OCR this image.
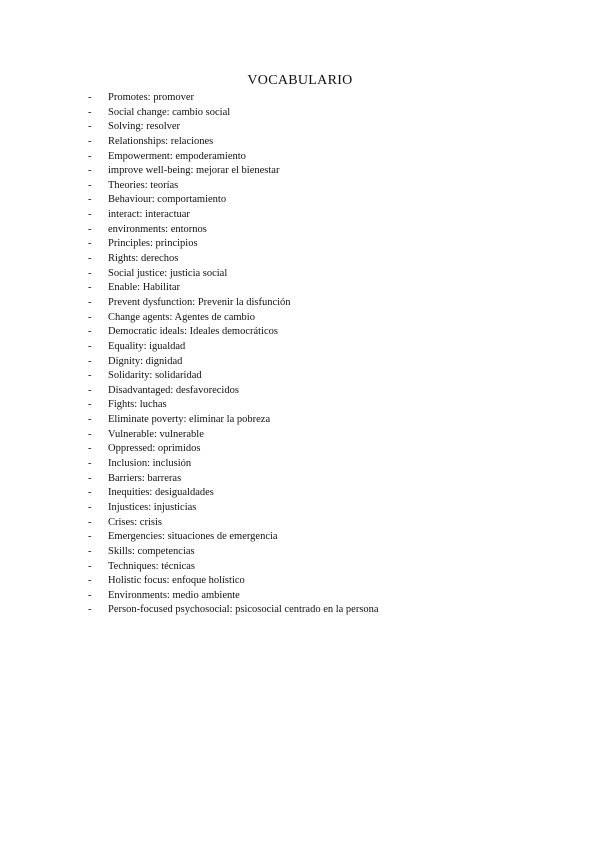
VOCABULARIO
-	Promotes: promover
-	Social change: cambio social
-	Solving: resolver
-	Relationships: relaciones
-	Empowerment: empoderamiento
-	improve well-being: mejorar el bienestar
-	Theories: teorías
-	Behaviour: comportamiento
-	interact: interactuar
-	environments: entornos
-	Principles: principios
-	Rights: derechos
-	Social justice: justicia social
-	Enable: Habilitar
-	Prevent dysfunction: Prevenir la disfunción
-	Change agents: Agentes de cambio
-	Democratic ideals: Ideales democráticos
-	Equality: igualdad
-	Dignity: dignidad
-	Solidarity: solidaridad
-	Disadvantaged: desfavorecidos
-	Fights: luchas
-	Eliminate poverty: eliminar la pobreza
-	Vulnerable: vulnerable
-	Oppressed: oprimidos
-	Inclusion: inclusión
-	Barriers: barreras
-	Inequities: desigualdades
-	Injustices: injusticias
-	Crises: crisis
-	Emergencies: situaciones de emergencia
-	Skills: competencias
-	Techniques: técnicas
-	Holistic focus: enfoque holístico
-	Environments: medio ambiente
-	Person-focused psychosocial: psicosocial centrado en la persona
